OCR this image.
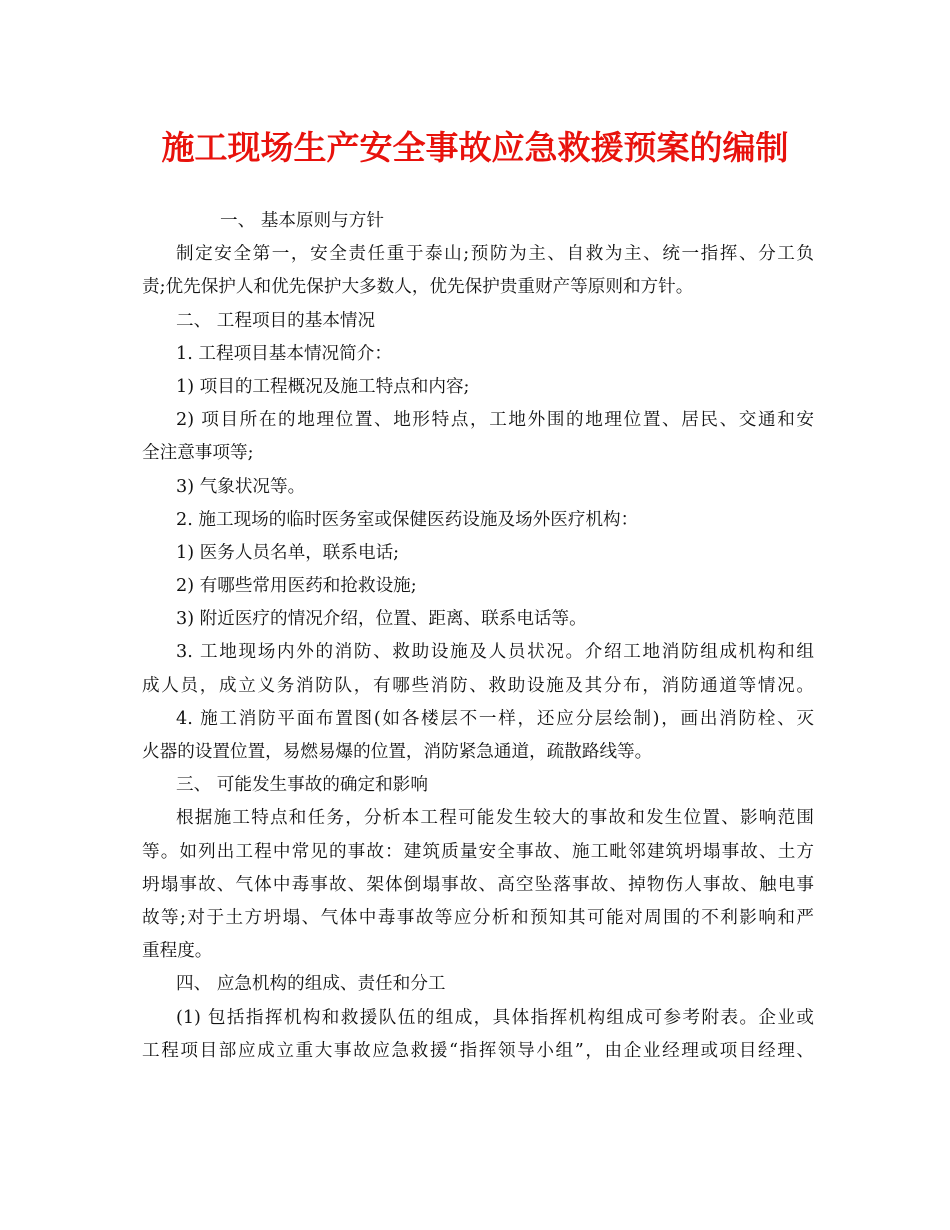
施工现场生产安全事故应急救援预案的编制
一、 基本原则与方针
制定安全第一，安全责任重于泰山;预防为主、自救为主、统一指挥、分工负
责;优先保护人和优先保护大多数人，优先保护贵重财产等原则和方针。
二、 工程项目的基本情况
1. 工程项目基本情况简介：
1) 项目的工程概况及施工特点和内容;
2) 项目所在的地理位置、地形特点，工地外围的地理位置、居民、交通和安
全注意事项等;
3) 气象状况等。
2. 施工现场的临时医务室或保健医药设施及场外医疗机构：
1) 医务人员名单，联系电话;
2) 有哪些常用医药和抢救设施;
3) 附近医疗的情况介绍，位置、距离、联系电话等。
3. 工地现场内外的消防、救助设施及人员状况。介绍工地消防组成机构和组
成人员，成立义务消防队，有哪些消防、救助设施及其分布，消防通道等情况。
4. 施工消防平面布置图(如各楼层不一样，还应分层绘制)，画出消防栓、灭
火器的设置位置，易燃易爆的位置，消防紧急通道，疏散路线等。
三、 可能发生事故的确定和影响
根据施工特点和任务，分析本工程可能发生较大的事故和发生位置、影响范围
等。如列出工程中常见的事故：建筑质量安全事故、施工毗邻建筑坍塌事故、土方
坍塌事故、气体中毒事故、架体倒塌事故、高空坠落事故、掉物伤人事故、触电事
故等;对于土方坍塌、气体中毒事故等应分析和预知其可能对周围的不利影响和严
重程度。
四、 应急机构的组成、责任和分工
(1) 包括指挥机构和救援队伍的组成，具体指挥机构组成可参考附表。企业或
工程项目部应成立重大事故应急救援“指挥领导小组”，由企业经理或项目经理、
